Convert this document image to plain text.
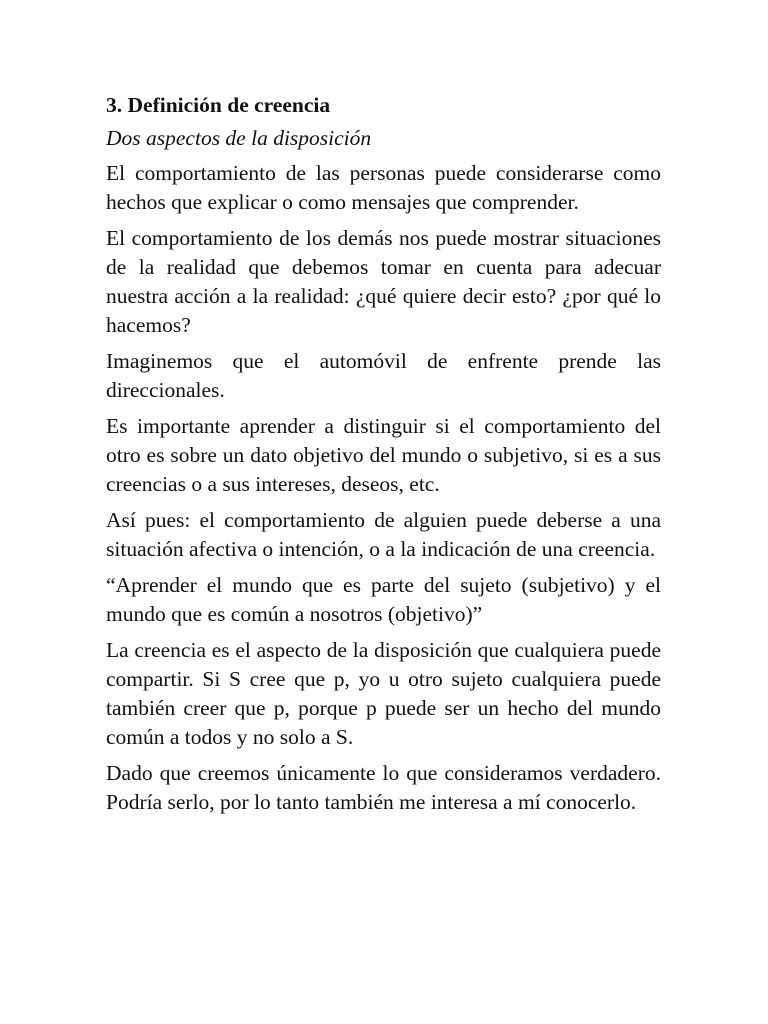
3. Definición de creencia
Dos aspectos de la disposición

El comportamiento de las personas puede considerarse como hechos que explicar o como mensajes que comprender.

El comportamiento de los demás nos puede mostrar situaciones de la realidad que debemos tomar en cuenta para adecuar nuestra acción a la realidad: ¿qué quiere decir esto? ¿por qué lo hacemos?

Imaginemos que el automóvil de enfrente prende las direccionales.

Es importante aprender a distinguir si el comportamiento del otro es sobre un dato objetivo del mundo o subjetivo, si es a sus creencias o a sus intereses, deseos, etc.

Así pues: el comportamiento de alguien puede deberse a una situación afectiva o intención, o a la indicación de una creencia.

“Aprender el mundo que es parte del sujeto (subjetivo) y el mundo que es común a nosotros (objetivo)”

La creencia es el aspecto de la disposición que cualquiera puede compartir. Si S cree que p, yo u otro sujeto cualquiera puede también creer que p, porque p puede ser un hecho del mundo común a todos y no solo a S.

Dado que creemos únicamente lo que consideramos verdadero. Podría serlo, por lo tanto también me interesa a mí conocerlo.
